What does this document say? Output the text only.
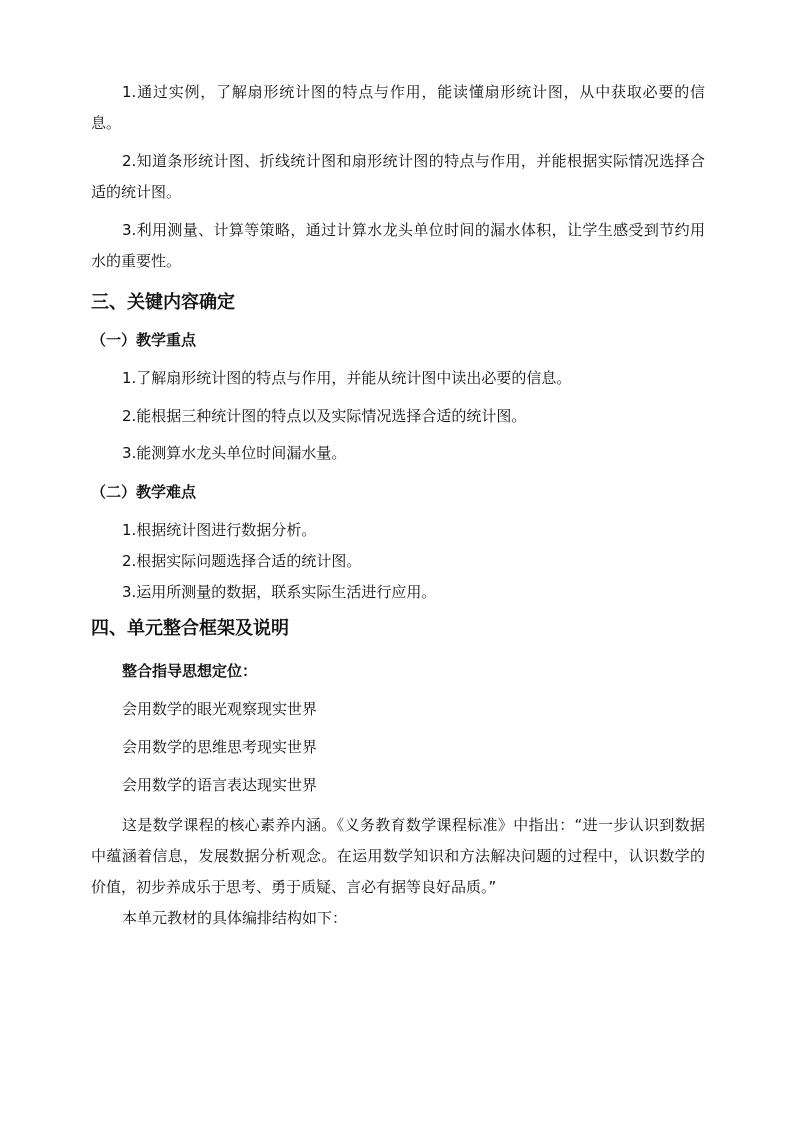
1.通过实例，了解扇形统计图的特点与作用，能读懂扇形统计图，从中获取必要的信息。

2.知道条形统计图、折线统计图和扇形统计图的特点与作用，并能根据实际情况选择合适的统计图。

3.利用测量、计算等策略，通过计算水龙头单位时间的漏水体积，让学生感受到节约用水的重要性。

三、关键内容确定
（一）教学重点

1.了解扇形统计图的特点与作用，并能从统计图中读出必要的信息。

2.能根据三种统计图的特点以及实际情况选择合适的统计图。

3.能测算水龙头单位时间漏水量。

（二）教学难点

1.根据统计图进行数据分析。

2.根据实际问题选择合适的统计图。

3.运用所测量的数据，联系实际生活进行应用。

四、单元整合框架及说明

整合指导思想定位：

会用数学的眼光观察现实世界

会用数学的思维思考现实世界

会用数学的语言表达现实世界

这是数学课程的核心素养内涵。《义务教育数学课程标准》中指出：“进一步认识到数据中蕴涵着信息，发展数据分析观念。在运用数学知识和方法解决问题的过程中，认识数学的价值，初步养成乐于思考、勇于质疑、言必有据等良好品质。”

本单元教材的具体编排结构如下：
